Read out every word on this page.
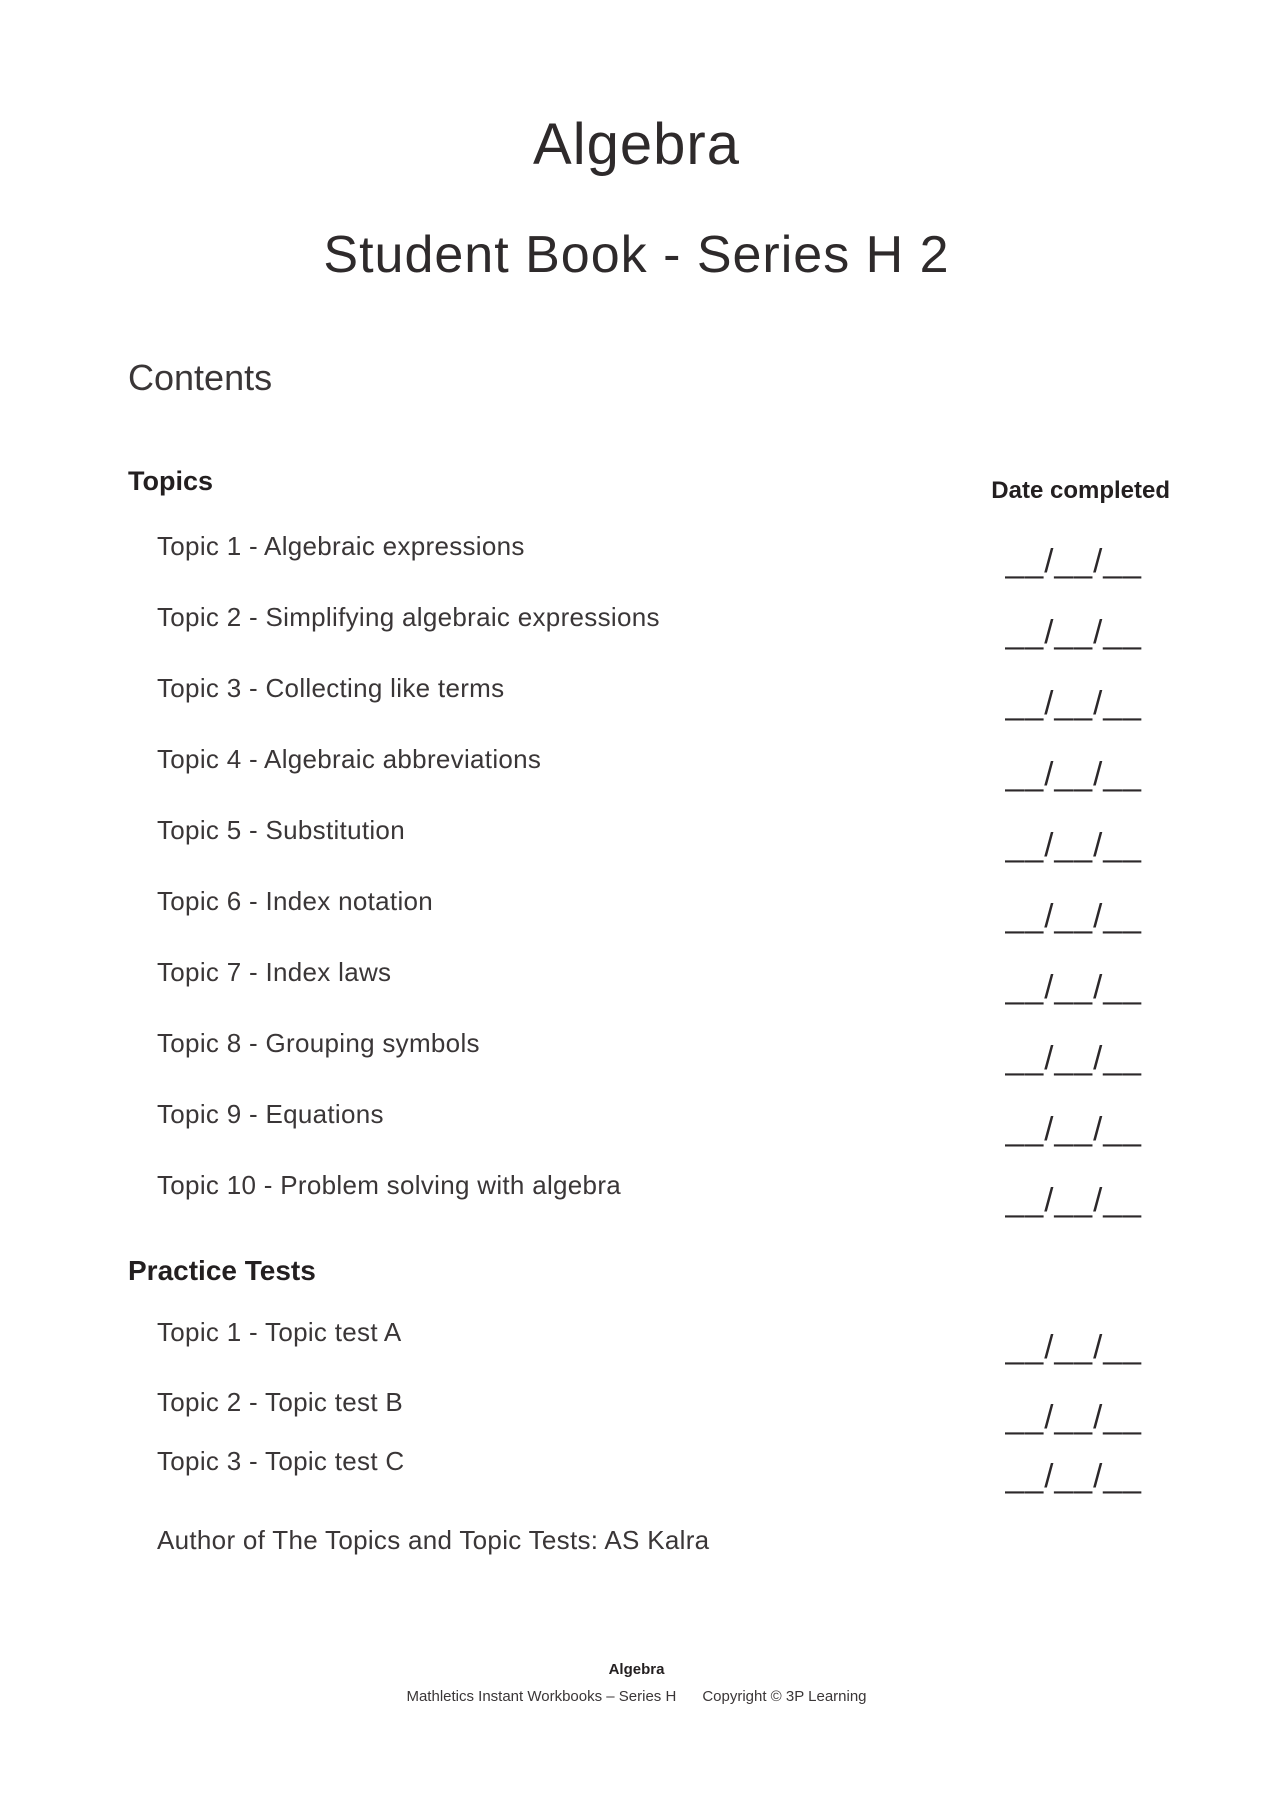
Algebra
Student Book - Series H 2
Contents
Topics	Date completed
Topic 1 - Algebraic expressions	__/__/__
Topic 2 - Simplifying algebraic expressions	__/__/__
Topic 3 - Collecting like terms	__/__/__
Topic 4 - Algebraic abbreviations	__/__/__
Topic 5 - Substitution	__/__/__
Topic 6 - Index notation	__/__/__
Topic 7 - Index laws	__/__/__
Topic 8 - Grouping symbols	__/__/__
Topic 9 - Equations	__/__/__
Topic 10 - Problem solving with algebra	__/__/__
Practice Tests
Topic 1 - Topic test A	__/__/__
Topic 2 - Topic test B	__/__/__
Topic 3 - Topic test C	__/__/__
Author of The Topics and Topic Tests: AS Kalra
Algebra
Mathletics Instant Workbooks – Series H Copyright © 3P Learning
